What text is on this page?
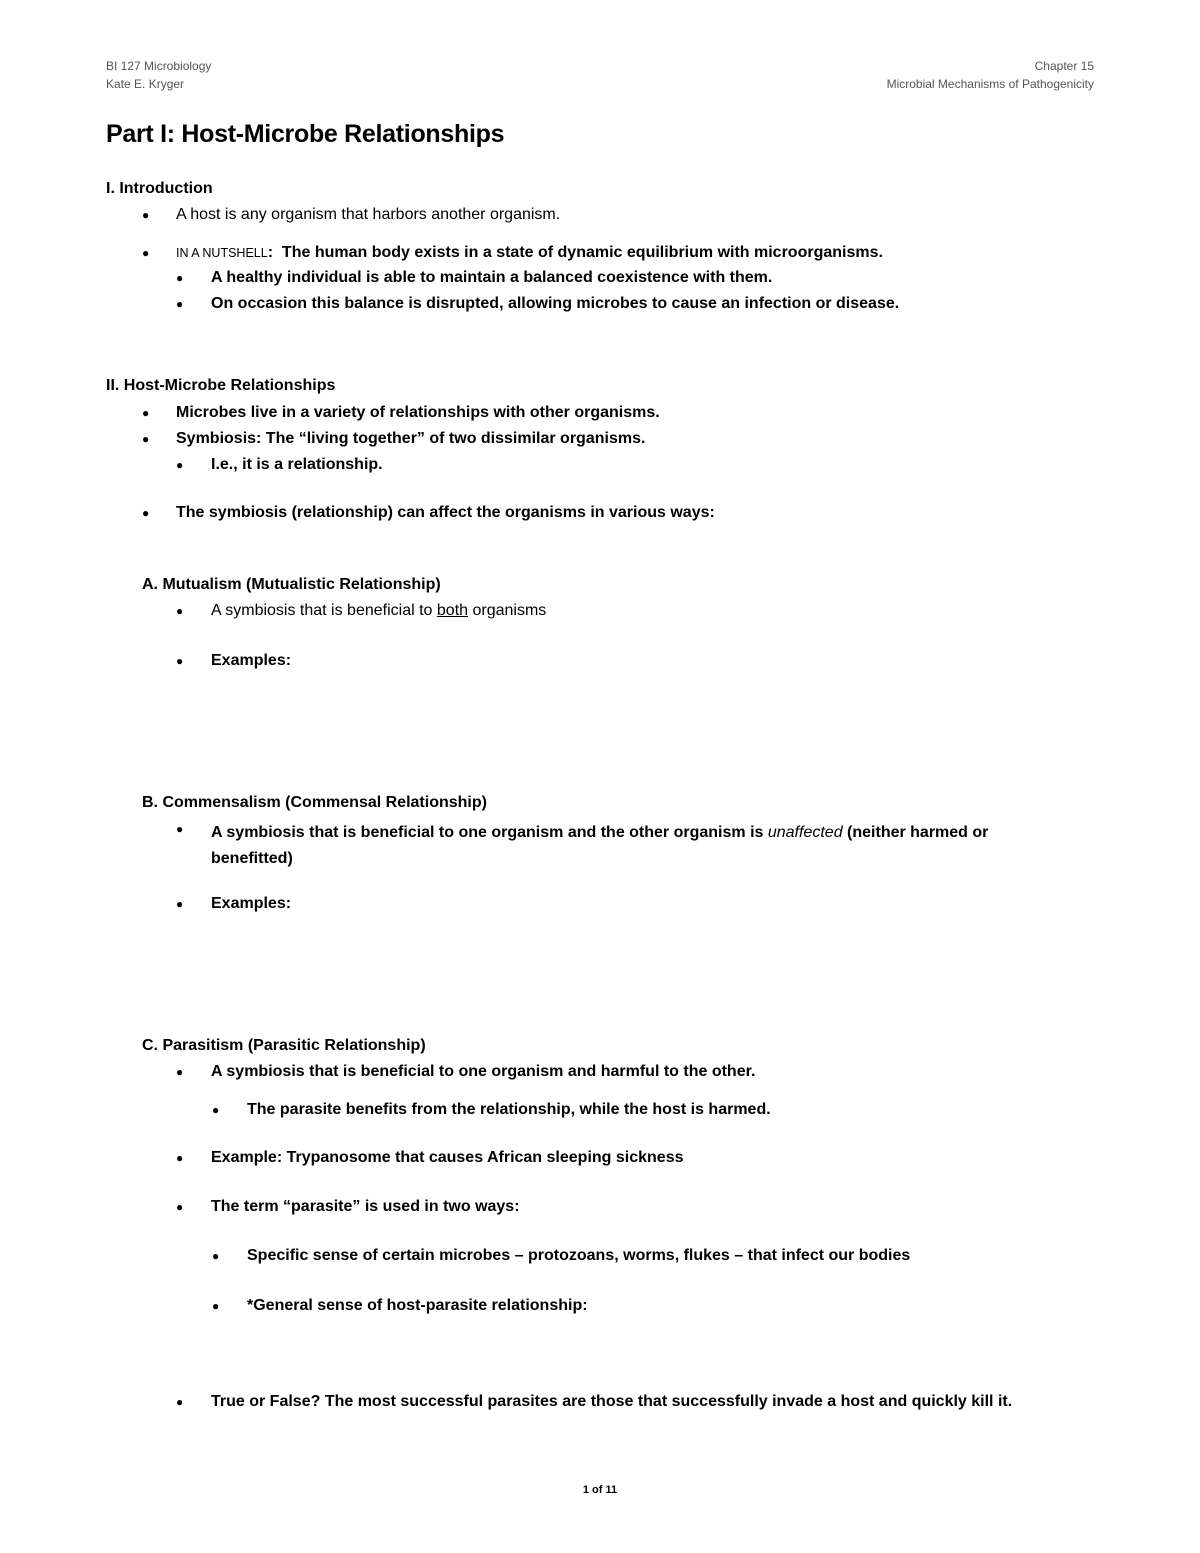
BI 127 Microbiology
Kate E. Kryger
Chapter 15
Microbial Mechanisms of Pathogenicity
Part I: Host-Microbe Relationships
I. Introduction
● A host is any organism that harbors another organism.
● IN A NUTSHELL: The human body exists in a state of dynamic equilibrium with microorganisms.
● A healthy individual is able to maintain a balanced coexistence with them.
● On occasion this balance is disrupted, allowing microbes to cause an infection or disease.
II. Host-Microbe Relationships
● Microbes live in a variety of relationships with other organisms.
● Symbiosis: The “living together” of two dissimilar organisms.
● I.e., it is a relationship.
● The symbiosis (relationship) can affect the organisms in various ways:
A. Mutualism (Mutualistic Relationship)
● A symbiosis that is beneficial to both organisms
● Examples:
B. Commensalism (Commensal Relationship)
● A symbiosis that is beneficial to one organism and the other organism is unaffected (neither harmed or benefitted)
● Examples:
C. Parasitism (Parasitic Relationship)
● A symbiosis that is beneficial to one organism and harmful to the other.
● The parasite benefits from the relationship, while the host is harmed.
● Example: Trypanosome that causes African sleeping sickness
● The term “parasite” is used in two ways:
● Specific sense of certain microbes – protozoans, worms, flukes – that infect our bodies
● *General sense of host-parasite relationship:
● True or False? The most successful parasites are those that successfully invade a host and quickly kill it.
1 of 11
